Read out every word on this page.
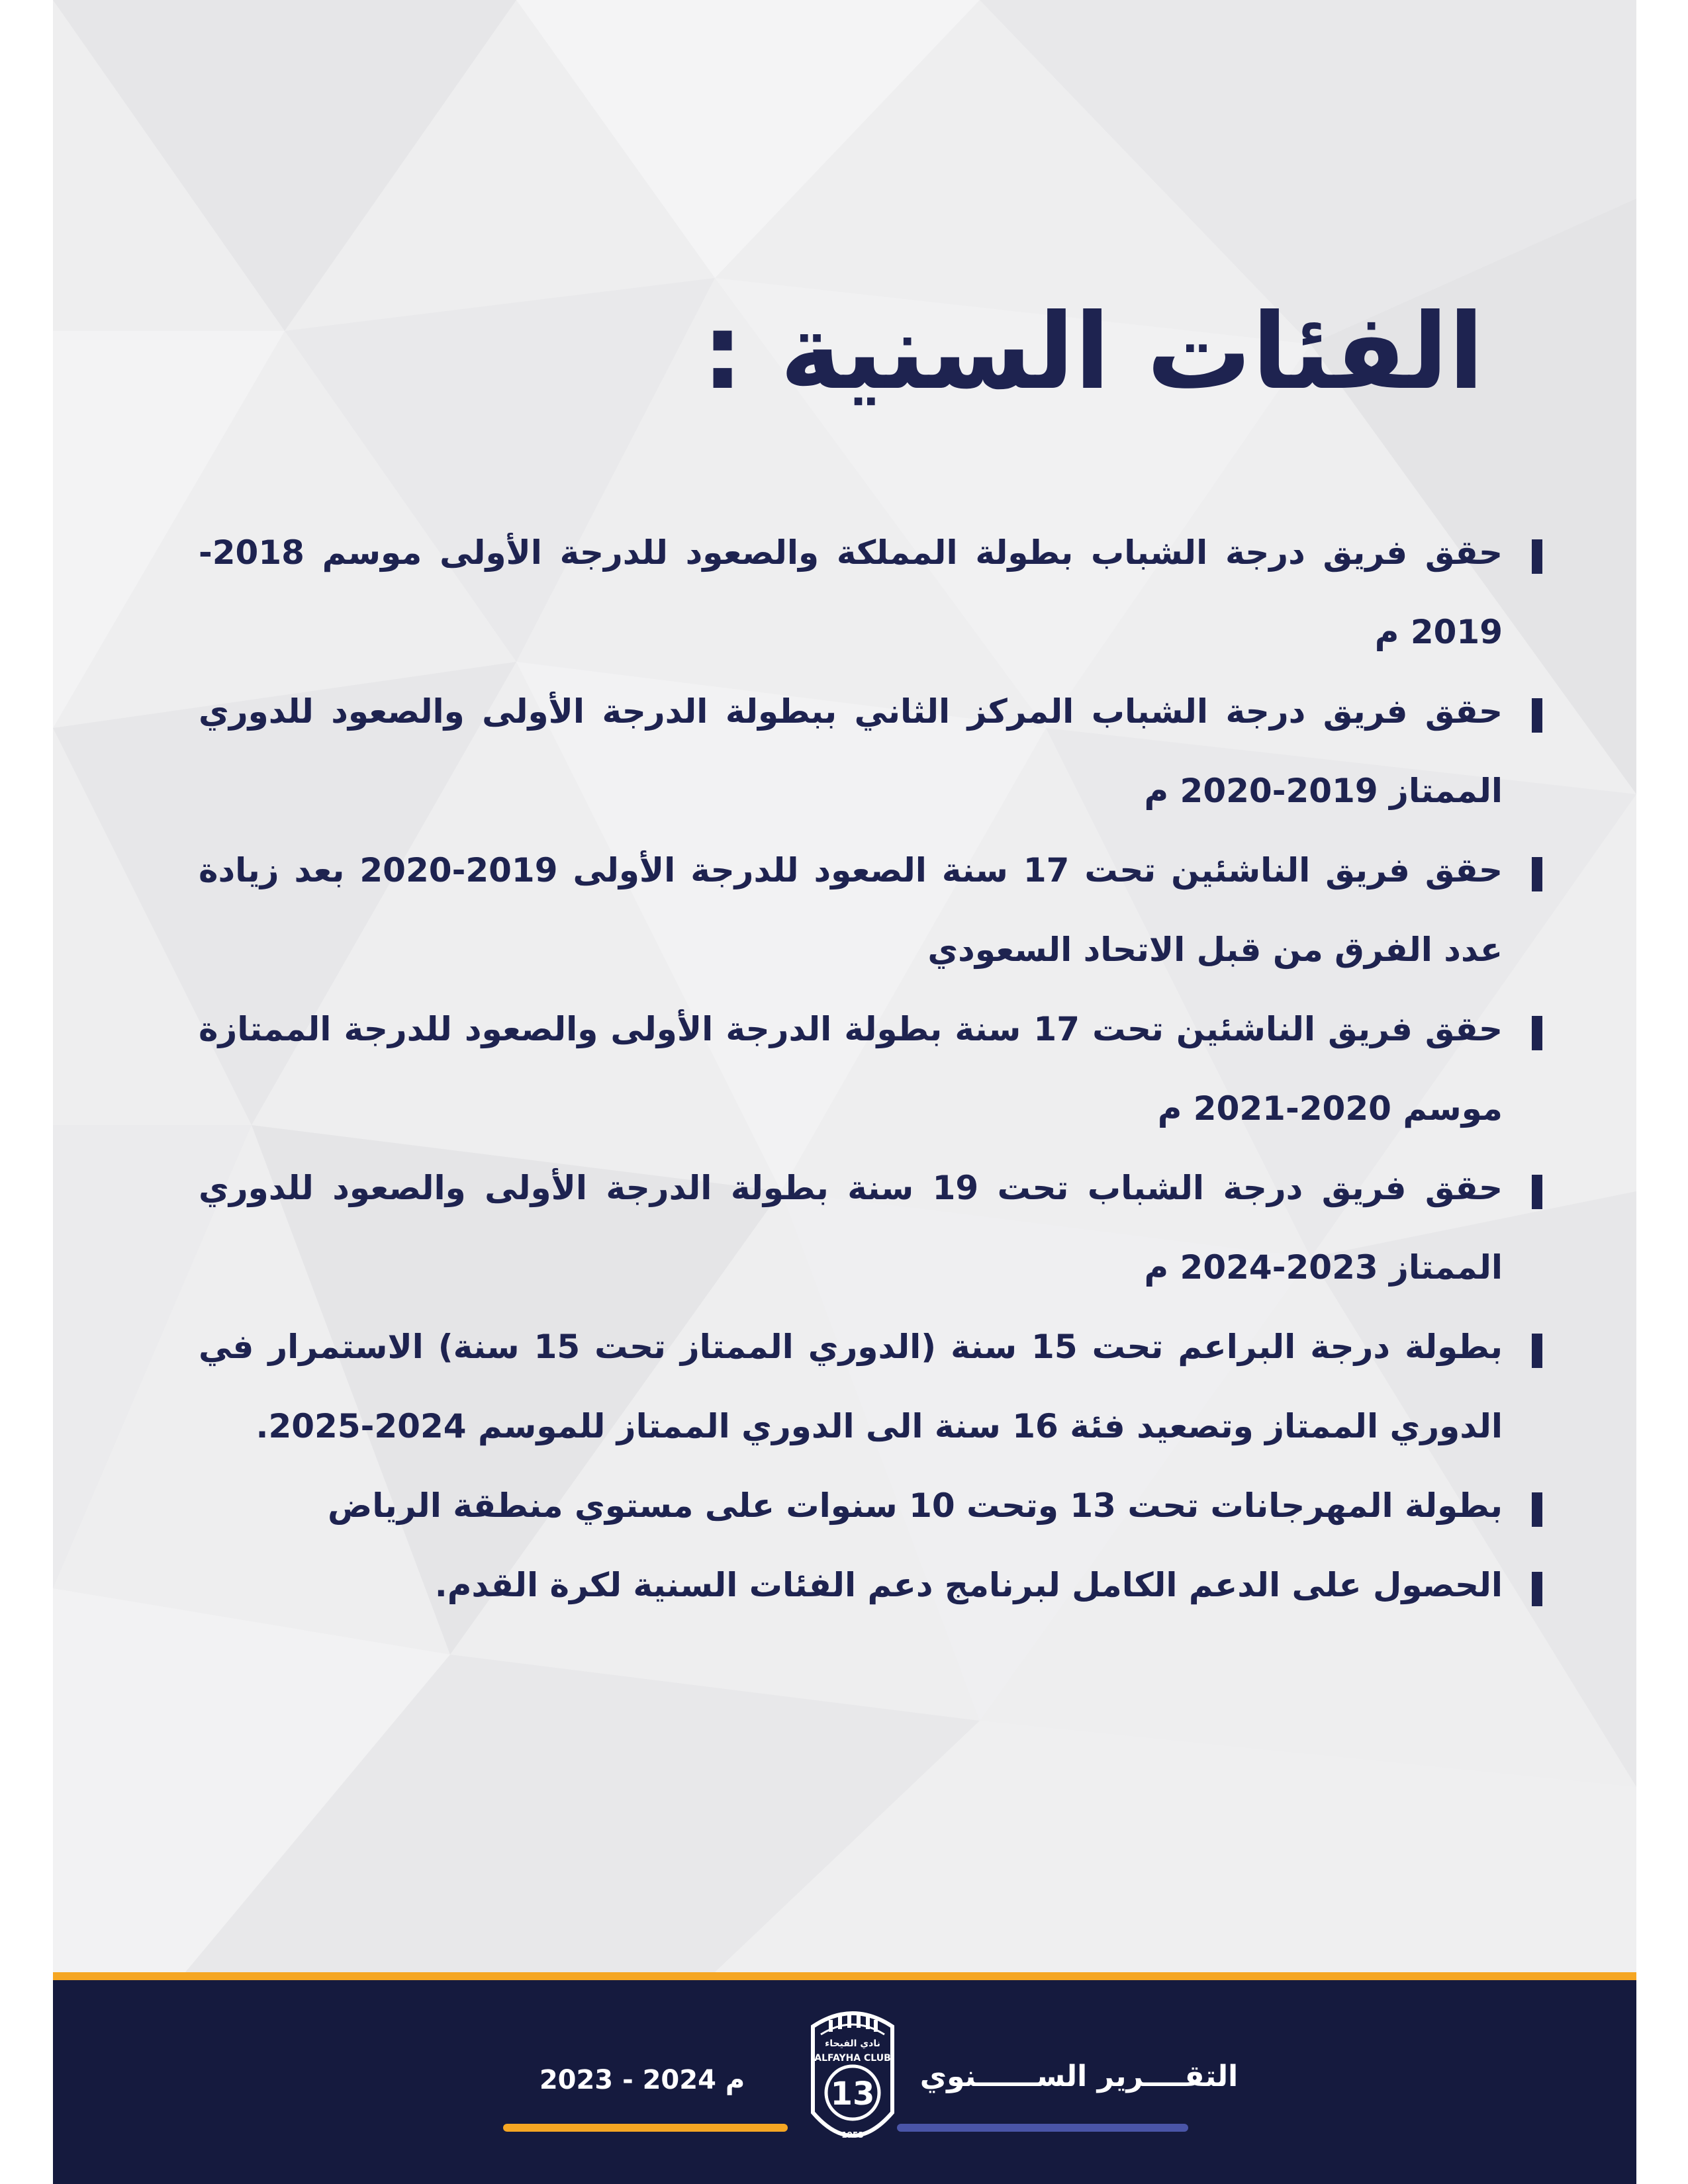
الفئات السنية :
حقق فريق درجة الشباب بطولة المملكة والصعود للدرجة الأولى موسم 2018-2019 م
حقق فريق درجة الشباب المركز الثاني ببطولة الدرجة الأولى والصعود للدوري الممتاز 2019-2020 م
حقق فريق الناشئين تحت 17 سنة الصعود للدرجة الأولى 2019-2020 بعد زيادة عدد الفرق من قبل الاتحاد السعودي
حقق فريق الناشئين تحت 17 سنة بطولة الدرجة الأولى والصعود للدرجة الممتازة موسم 2020-2021 م
حقق فريق درجة الشباب تحت 19 سنة بطولة الدرجة الأولى والصعود للدوري الممتاز 2023-2024 م
بطولة درجة البراعم تحت 15 سنة (الدوري الممتاز تحت 15 سنة) الاستمرار في الدوري الممتاز وتصعيد فئة 16 سنة الى الدوري الممتاز للموسم 2024-2025.
بطولة المهرجانات تحت 13 وتحت 10 سنوات على مستوي منطقة الرياض
الحصول على الدعم الكامل لبرنامج دعم الفئات السنية لكرة القدم.
التقــــرير الســــــنوي
نادي الفيحاء
ALFAYHA CLUB
13
1953
2023 - 2024 م
